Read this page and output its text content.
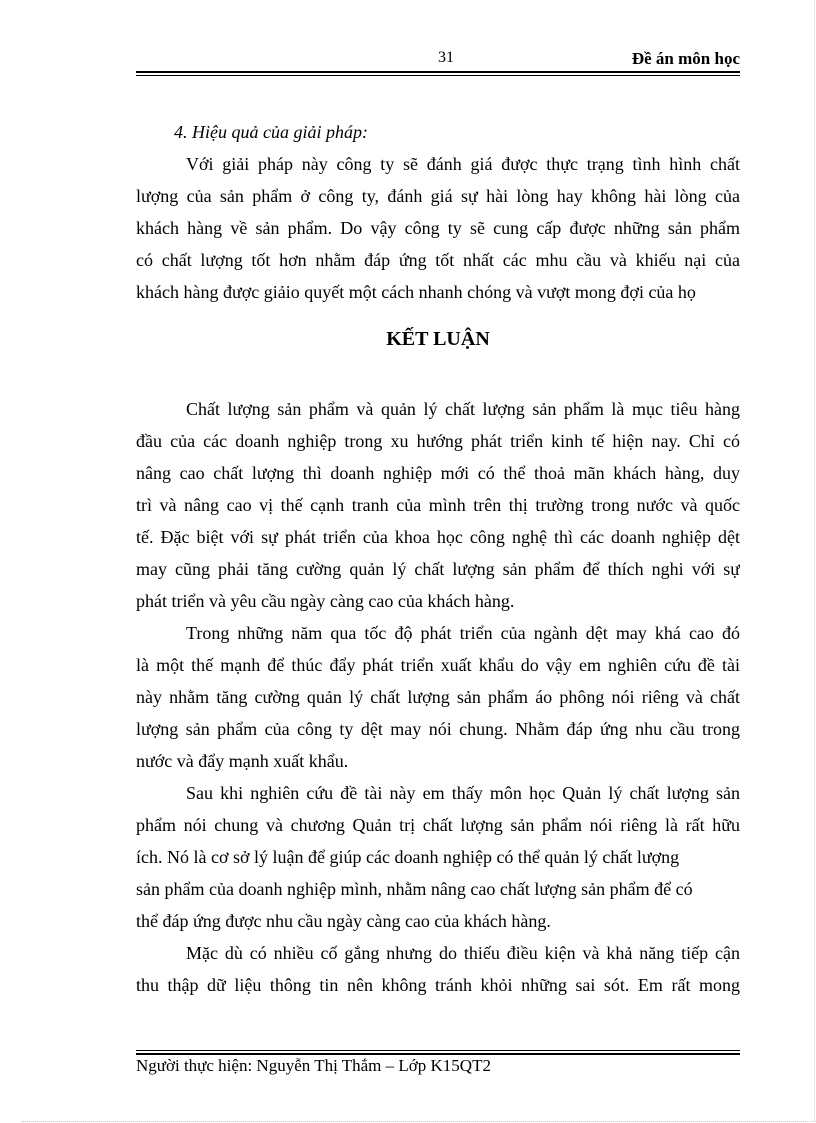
31	Đề án môn học
4. Hiệu quả của giải pháp:
Với giải pháp này công ty sẽ đánh giá được thực trạng tình hình chất
lượng của sản phẩm ở công ty, đánh giá sự hài lòng hay không hài lòng của
khách hàng về sản phẩm. Do vậy công ty sẽ cung cấp được những sản phẩm
có chất lượng tốt hơn nhằm đáp ứng tốt nhất các mhu cầu và khiếu nại của
khách hàng được giảio quyết một cách nhanh chóng và vượt mong đợi của họ
KẾT LUẬN
Chất lượng sản phẩm và quản lý chất lượng sản phẩm là mục tiêu hàng
đầu của các doanh nghiệp trong xu hướng phát triển kinh tế hiện nay. Chỉ có
nâng cao chất lượng thì doanh nghiệp mới có thể thoả mãn khách hàng, duy
trì và nâng cao vị thế cạnh tranh của mình trên thị trường trong nước và quốc
tế. Đặc biệt với sự phát triển của khoa học công nghệ thì các doanh nghiệp dệt
may cũng phải tăng cường quản lý chất lượng sản phẩm để thích nghi với sự
phát triển và yêu cầu ngày càng cao của khách hàng.
Trong những năm qua tốc độ phát triển của ngành dệt may khá cao đó
là một thế mạnh để thúc đẩy phát triển xuất khẩu do vậy em nghiên cứu đề tài
này nhằm tăng cường quản lý chất lượng sản phẩm áo phông nói riêng và chất
lượng sản phẩm của công ty dệt may nói chung. Nhằm đáp ứng nhu cầu trong
nước và đẩy mạnh xuất khẩu.
Sau khi nghiên cứu đề tài này em thấy môn học Quản lý chất lượng sản
phẩm nói chung và chương Quản trị chất lượng sản phẩm nói riêng là rất hữu
ích. Nó là cơ sở lý luận để giúp các doanh nghiệp có thể quản lý chất lượng
sản phẩm của doanh nghiệp mình, nhằm nâng cao chất lượng sản phẩm để có
thể đáp ứng được nhu cầu ngày càng cao của khách hàng.
Mặc dù có nhiều cố gắng nhưng do thiếu điều kiện và khả năng tiếp cận
thu thập dữ liệu thông tin nên không tránh khỏi những sai sót. Em rất mong
Người thực hiện: Nguyễn Thị Thắm – Lớp K15QT2
